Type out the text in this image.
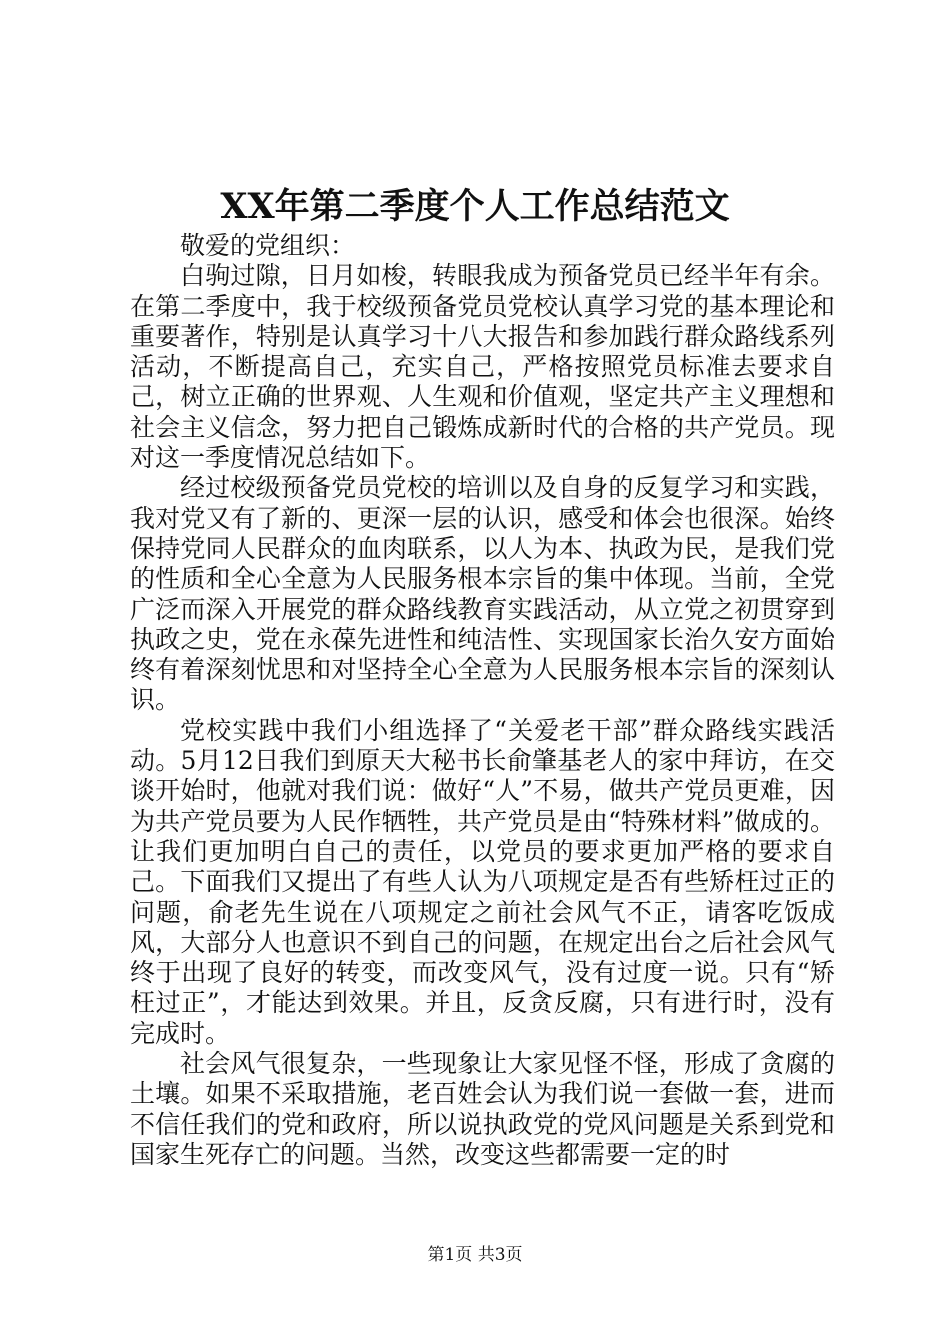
XX年第二季度个人工作总结范文

敬爱的党组织：

白驹过隙，日月如梭，转眼我成为预备党员已经半年有余。在第二季度中，我于校级预备党员党校认真学习党的基本理论和重要著作，特别是认真学习十八大报告和参加践行群众路线系列活动，不断提高自己，充实自己，严格按照党员标准去要求自己，树立正确的世界观、人生观和价值观，坚定共产主义理想和社会主义信念，努力把自己锻炼成新时代的合格的共产党员。现对这一季度情况总结如下。

经过校级预备党员党校的培训以及自身的反复学习和实践，我对党又有了新的、更深一层的认识，感受和体会也很深。始终保持党同人民群众的血肉联系，以人为本、执政为民，是我们党的性质和全心全意为人民服务根本宗旨的集中体现。当前，全党广泛而深入开展党的群众路线教育实践活动，从立党之初贯穿到执政之史，党在永葆先进性和纯洁性、实现国家长治久安方面始终有着深刻忧思和对坚持全心全意为人民服务根本宗旨的深刻认识。

党校实践中我们小组选择了“关爱老干部”群众路线实践活动。5月12日我们到原天大秘书长俞肇基老人的家中拜访，在交谈开始时，他就对我们说：做好“人”不易，做共产党员更难，因为共产党员要为人民作牺牲，共产党员是由“特殊材料”做成的。让我们更加明白自己的责任，以党员的要求更加严格的要求自己。下面我们又提出了有些人认为八项规定是否有些矫枉过正的问题，俞老先生说在八项规定之前社会风气不正，请客吃饭成风，大部分人也意识不到自己的问题，在规定出台之后社会风气终于出现了良好的转变，而改变风气，没有过度一说。只有“矫枉过正”，才能达到效果。并且，反贪反腐，只有进行时，没有完成时。

社会风气很复杂，一些现象让大家见怪不怪，形成了贪腐的土壤。如果不采取措施，老百姓会认为我们说一套做一套，进而不信任我们的党和政府，所以说执政党的党风问题是关系到党和国家生死存亡的问题。当然，改变这些都需要一定的时

第1页 共3页
